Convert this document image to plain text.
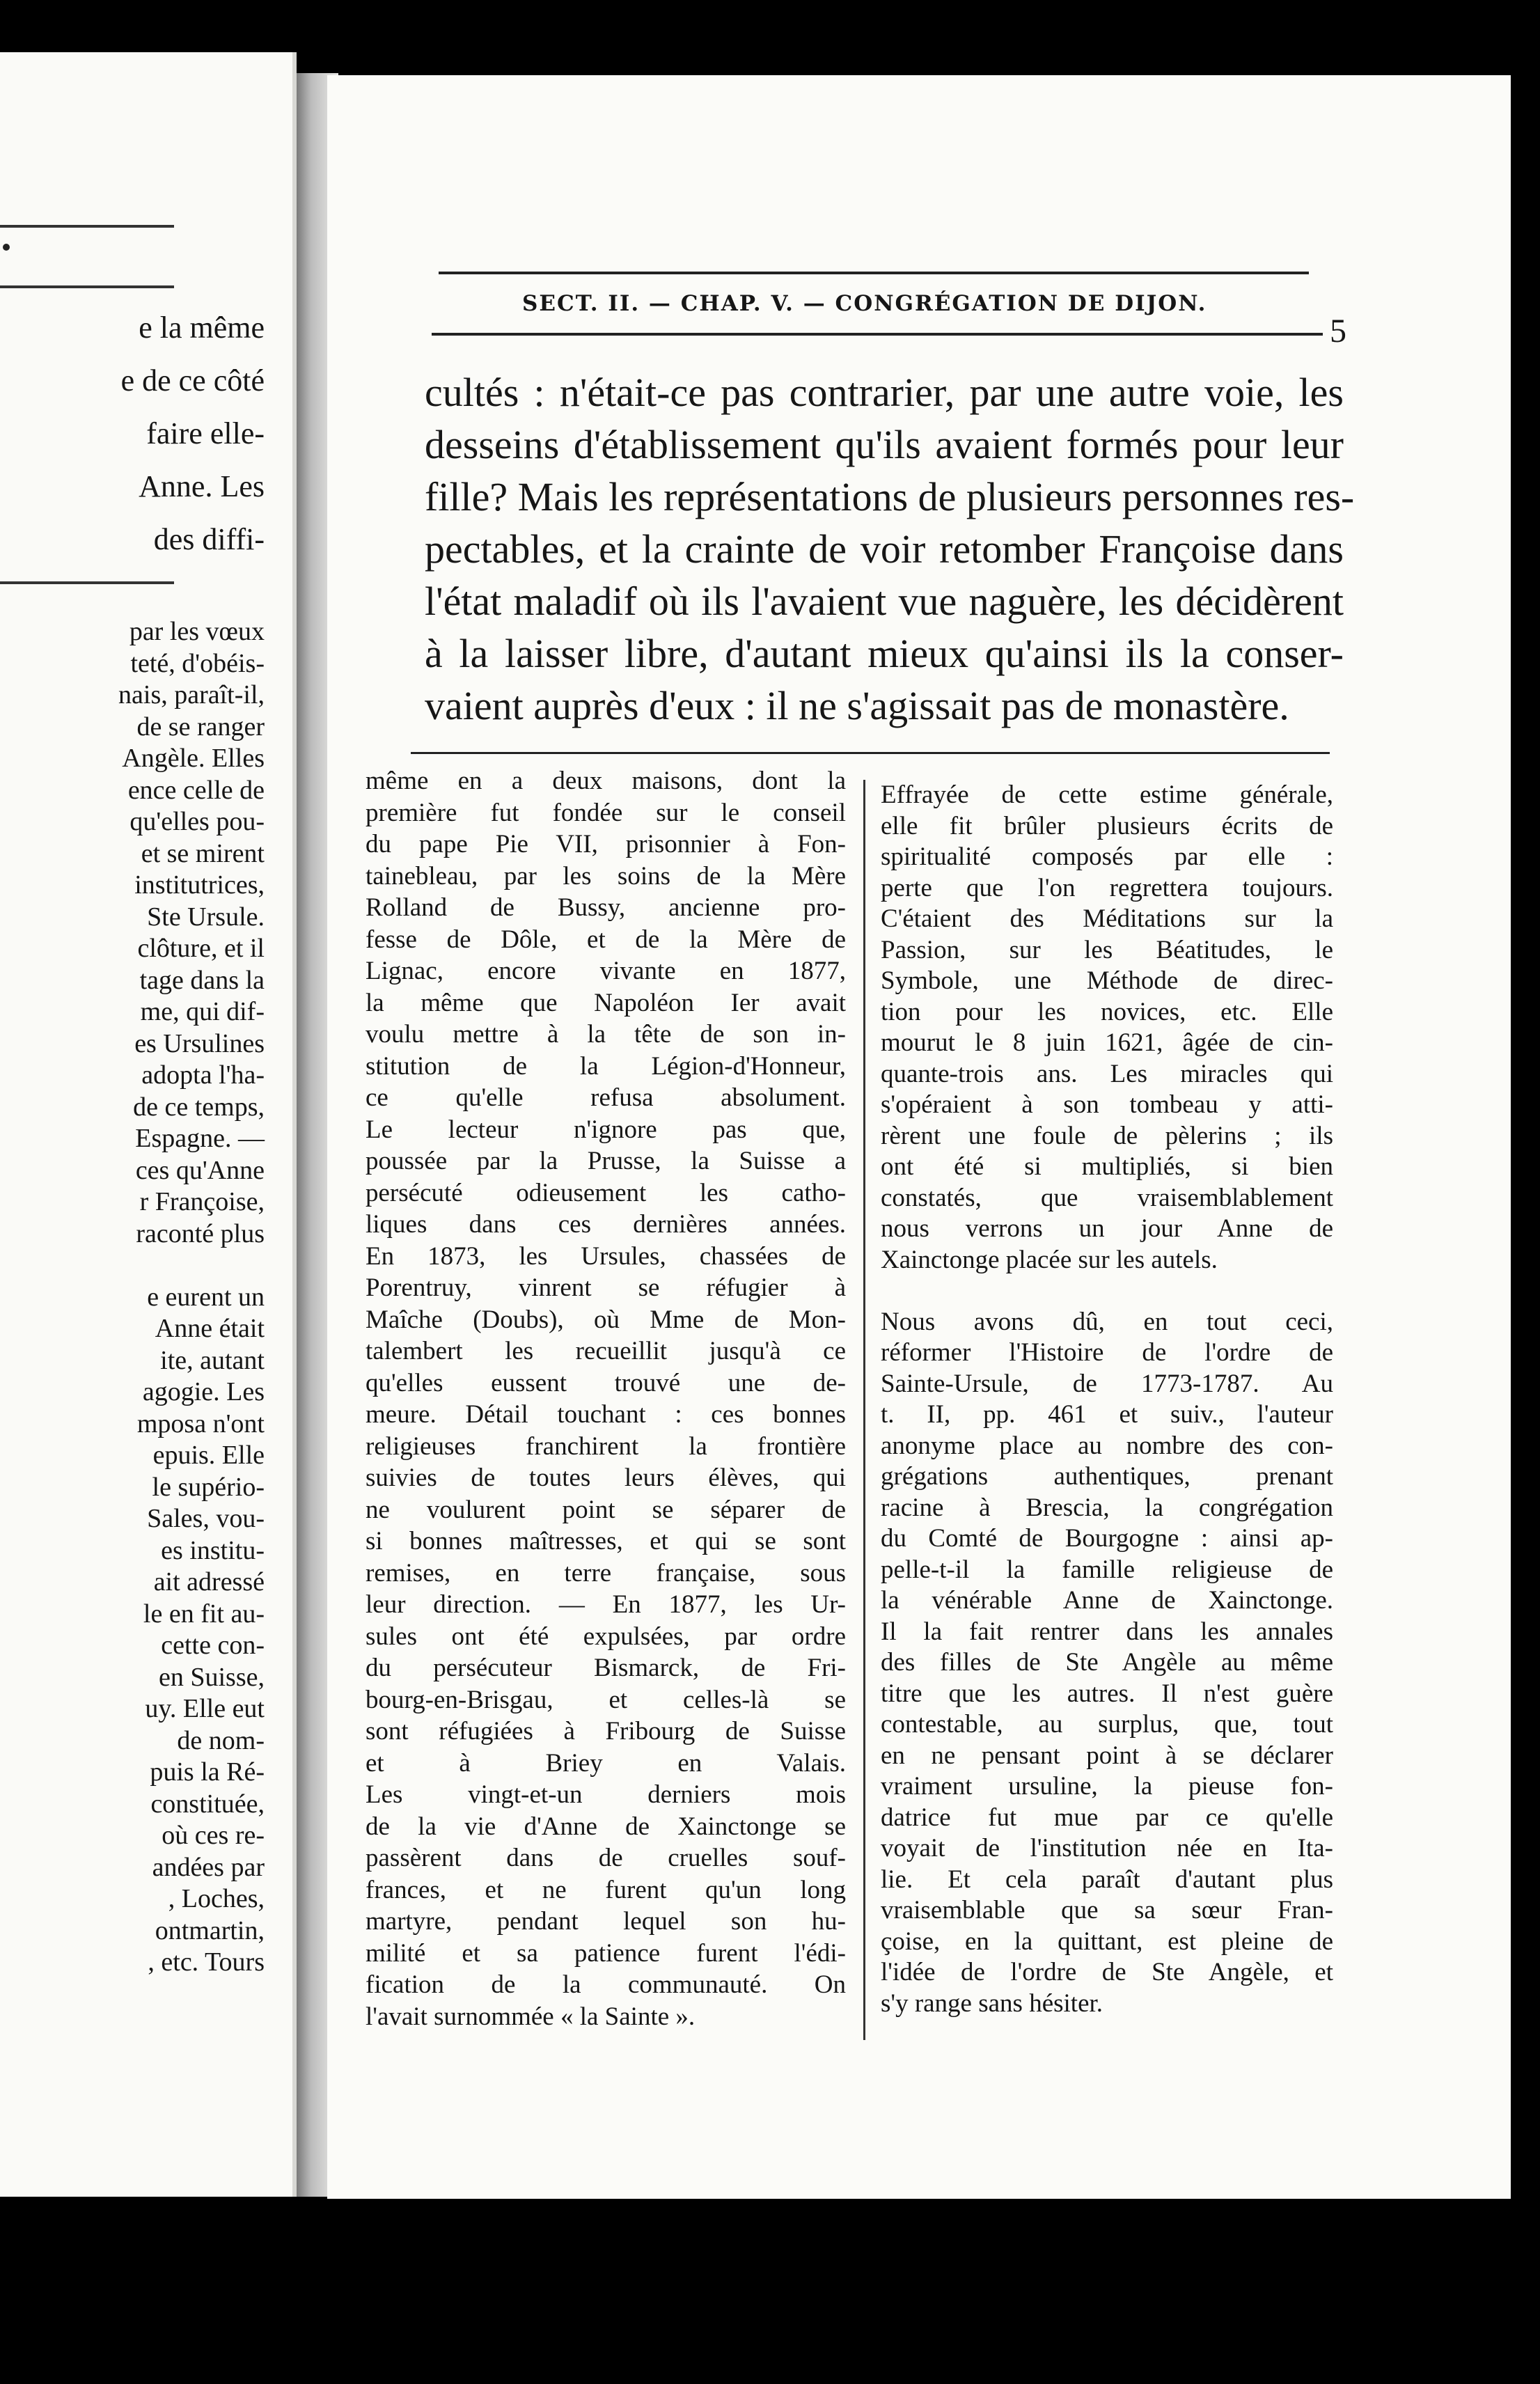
e la même
e de ce côté
faire elle-
Anne. Les
des diffi-
par les vœux
teté, d'obéis-
nais, paraît-il,
de se ranger
Angèle. Elles
ence celle de
qu'elles pou-
et se mirent
institutrices,
Ste Ursule.
clôture, et il
tage dans la
me, qui dif-
es Ursulines
adopta l'ha-
de ce temps,
Espagne. —
ces qu'Anne
r Françoise,
raconté plus
e eurent un
Anne était
ite, autant
agogie. Les
mposa n'ont
epuis. Elle
le supério-
Sales, vou-
es institu-
ait adressé
le en fit au-
cette con-
en Suisse,
uy. Elle eut
de nom-
puis la Ré-
constituée,
où ces re-
andées par
, Loches,
ontmartin,
, etc. Tours
SECT. II. — CHAP. V. — CONGRÉGATION DE DIJON.
5
cultés : n'était-ce pas contrarier, par une autre voie, les
desseins d'établissement qu'ils avaient formés pour leur
fille? Mais les représentations de plusieurs personnes res-
pectables, et la crainte de voir retomber Françoise dans
l'état maladif où ils l'avaient vue naguère, les décidèrent
à la laisser libre, d'autant mieux qu'ainsi ils la conser-
vaient auprès d'eux : il ne s'agissait pas de monastère.
même en a deux maisons, dont la
première fut fondée sur le conseil
du pape Pie VII, prisonnier à Fon-
tainebleau, par les soins de la Mère
Rolland de Bussy, ancienne pro-
fesse de Dôle, et de la Mère de
Lignac, encore vivante en 1877,
la même que Napoléon Ier avait
voulu mettre à la tête de son in-
stitution de la Légion-d'Honneur,
ce qu'elle refusa absolument.
Le lecteur n'ignore pas que,
poussée par la Prusse, la Suisse a
persécuté odieusement les catho-
liques dans ces dernières années.
En 1873, les Ursules, chassées de
Porentruy, vinrent se réfugier à
Maîche (Doubs), où Mme de Mon-
talembert les recueillit jusqu'à ce
qu'elles eussent trouvé une de-
meure. Détail touchant : ces bonnes
religieuses franchirent la frontière
suivies de toutes leurs élèves, qui
ne voulurent point se séparer de
si bonnes maîtresses, et qui se sont
remises, en terre française, sous
leur direction. — En 1877, les Ur-
sules ont été expulsées, par ordre
du persécuteur Bismarck, de Fri-
bourg-en-Brisgau, et celles-là se
sont réfugiées à Fribourg de Suisse
et à Briey en Valais.
Les vingt-et-un derniers mois
de la vie d'Anne de Xainctonge se
passèrent dans de cruelles souf-
frances, et ne furent qu'un long
martyre, pendant lequel son hu-
milité et sa patience furent l'édi-
fication de la communauté. On
l'avait surnommée « la Sainte ».
Effrayée de cette estime générale,
elle fit brûler plusieurs écrits de
spiritualité composés par elle :
perte que l'on regrettera toujours.
C'étaient des Méditations sur la
Passion, sur les Béatitudes, le
Symbole, une Méthode de direc-
tion pour les novices, etc. Elle
mourut le 8 juin 1621, âgée de cin-
quante-trois ans. Les miracles qui
s'opéraient à son tombeau y atti-
rèrent une foule de pèlerins ; ils
ont été si multipliés, si bien
constatés, que vraisemblablement
nous verrons un jour Anne de
Xainctonge placée sur les autels.
Nous avons dû, en tout ceci,
réformer l'Histoire de l'ordre de
Sainte-Ursule, de 1773-1787. Au
t. II, pp. 461 et suiv., l'auteur
anonyme place au nombre des con-
grégations authentiques, prenant
racine à Brescia, la congrégation
du Comté de Bourgogne : ainsi ap-
pelle-t-il la famille religieuse de
la vénérable Anne de Xainctonge.
Il la fait rentrer dans les annales
des filles de Ste Angèle au même
titre que les autres. Il n'est guère
contestable, au surplus, que, tout
en ne pensant point à se déclarer
vraiment ursuline, la pieuse fon-
datrice fut mue par ce qu'elle
voyait de l'institution née en Ita-
lie. Et cela paraît d'autant plus
vraisemblable que sa sœur Fran-
çoise, en la quittant, est pleine de
l'idée de l'ordre de Ste Angèle, et
s'y range sans hésiter.
